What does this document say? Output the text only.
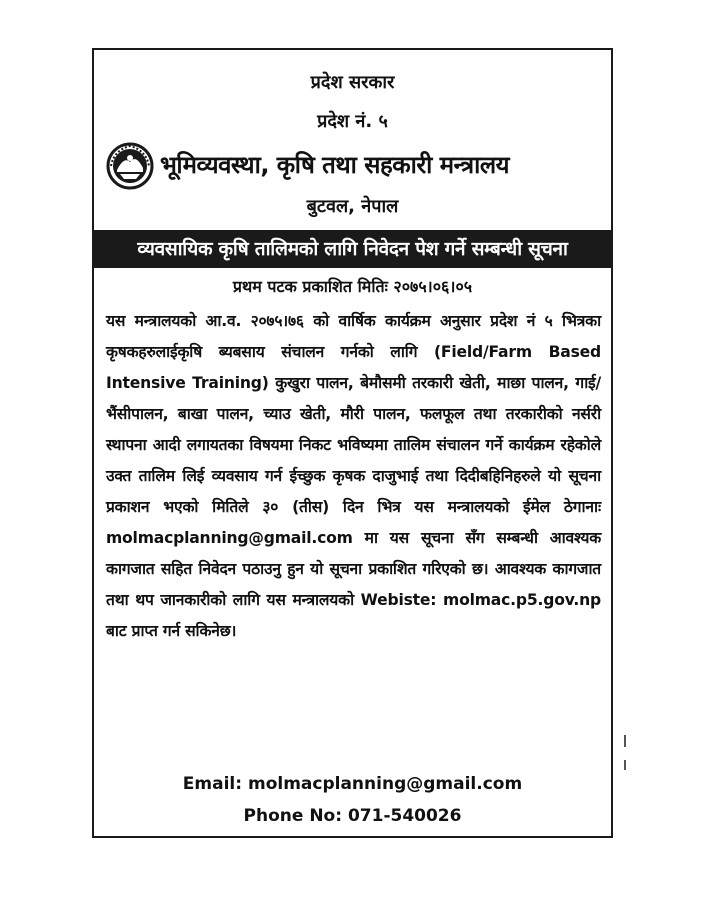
प्रदेश सरकार
प्रदेश नं. ५
भूमिव्यवस्था, कृषि तथा सहकारी मन्त्रालय
बुटवल, नेपाल
व्यवसायिक कृषि तालिमको लागि निवेदन पेश गर्ने सम्बन्धी सूचना
प्रथम पटक प्रकाशित मितिः २०७५।०६।०५

यस मन्त्रालयको आ.व. २०७५।७६ को वार्षिक कार्यक्रम अनुसार प्रदेश नं ५ भित्रका कृषकहरुलाईकृषि ब्यबसाय संचालन गर्नको लागि (Field/Farm Based Intensive Training) कुखुरा पालन, बेमौसमी तरकारी खेती, माछा पालन, गाई/भैंसीपालन, बाखा पालन, च्याउ खेती, मौरी पालन, फलफूल तथा तरकारीको नर्सरी स्थापना आदी लगायतका विषयमा निकट भविष्यमा तालिम संचालन गर्ने कार्यक्रम रहेकोले उक्त तालिम लिई व्यवसाय गर्न ईच्छुक कृषक दाजुभाई तथा दिदीबहिनिहरुले यो सूचना प्रकाशन भएको मितिले ३० (तीस) दिन भित्र यस मन्त्रालयको ईमेल ठेगानाः molmacplanning@gmail.com मा यस सूचना सँग सम्बन्धी आवश्यक कागजात सहित निवेदन पठाउनु हुन यो सूचना प्रकाशित गरिएको छ। आवश्यक कागजात तथा थप जानकारीको लागि यस मन्त्रालयको Webiste: molmac.p5.gov.np बाट प्राप्त गर्न सकिनेछ।

Email: molmacplanning@gmail.com
Phone No: 071-540026
